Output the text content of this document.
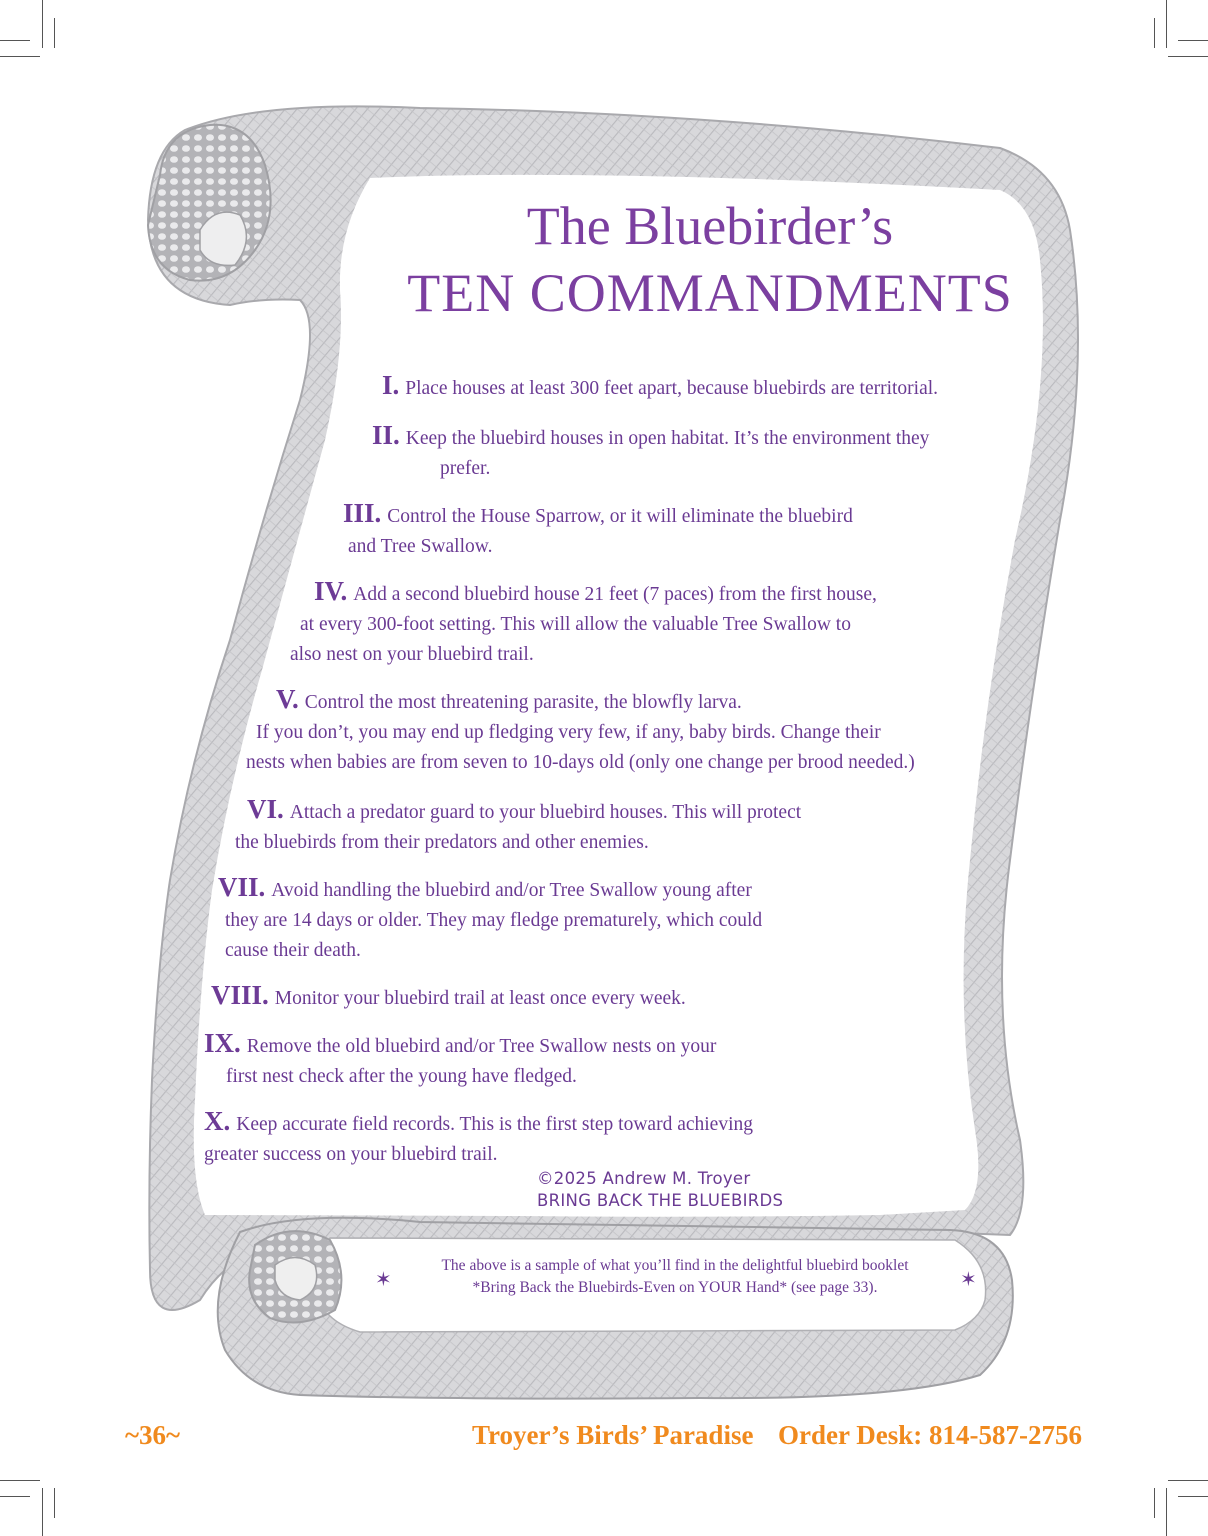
The Bluebirder’s
TEN COMMANDMENTS
I. Place houses at least 300 feet apart, because bluebirds are territorial.
II. Keep the bluebird houses in open habitat. It’s the environment they
prefer.
III. Control the House Sparrow, or it will eliminate the bluebird
and Tree Swallow.
IV. Add a second bluebird house 21 feet (7 paces) from the first house,
at every 300-foot setting. This will allow the valuable Tree Swallow to
also nest on your bluebird trail.
V. Control the most threatening parasite, the blowfly larva.
If you don’t, you may end up fledging very few, if any, baby birds. Change their
nests when babies are from seven to 10-days old (only one change per brood needed.)
VI. Attach a predator guard to your bluebird houses. This will protect
the bluebirds from their predators and other enemies.
VII. Avoid handling the bluebird and/or Tree Swallow young after
they are 14 days or older. They may fledge prematurely, which could
cause their death.
VIII. Monitor your bluebird trail at least once every week.
IX. Remove the old bluebird and/or Tree Swallow nests on your
first nest check after the young have fledged.
X. Keep accurate field records. This is the first step toward achieving
greater success on your bluebird trail.
©2025 Andrew M. Troyer
BRING BACK THE BLUEBIRDS
✶
The above is a sample of what you’ll find in the delightful bluebird booklet
*Bring Back the Bluebirds-Even on YOUR Hand* (see page 33).	✶
~36~	Troyer’s Birds’ Paradise Order Desk: 814-587-2756
